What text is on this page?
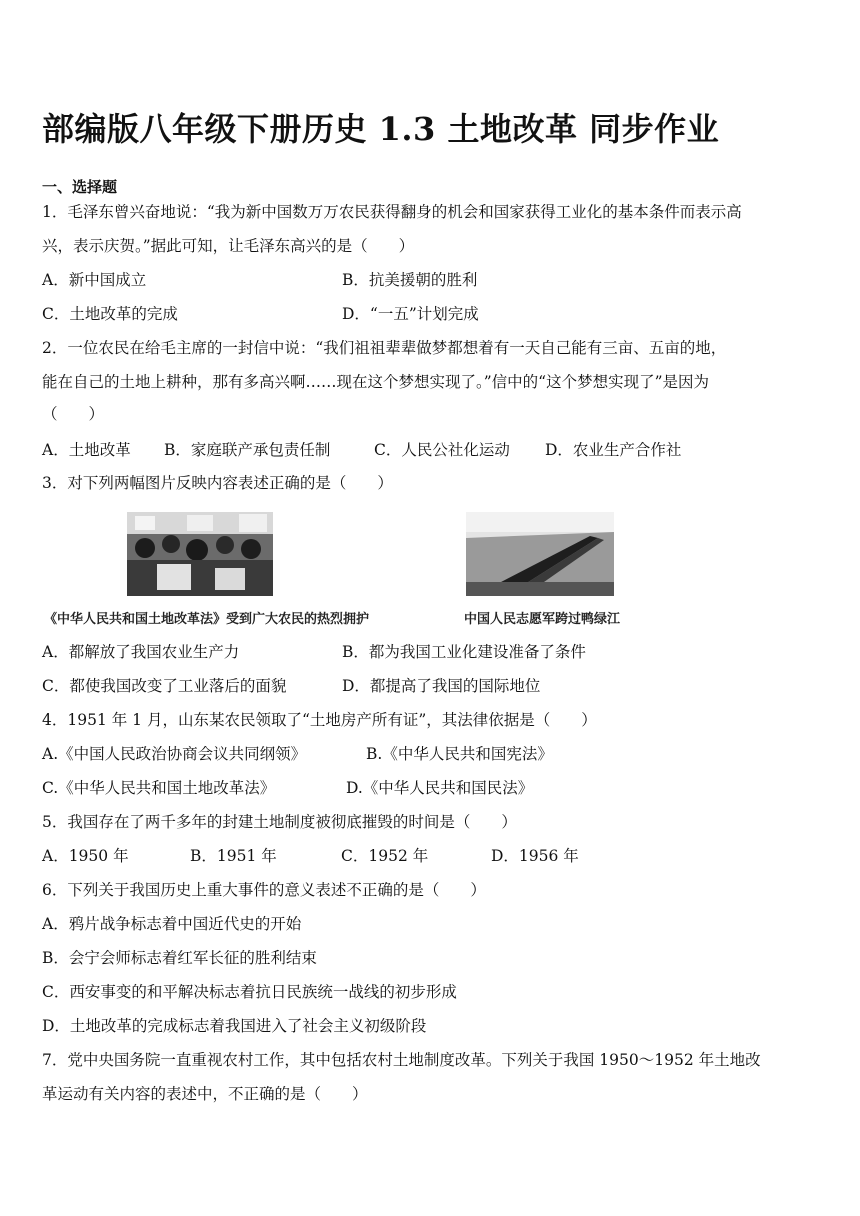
部编版八年级下册历史 1.3 土地改革 同步作业
一、选择题
1．毛泽东曾兴奋地说：“我为新中国数万万农民获得翻身的机会和国家获得工业化的基本条件而表示高
兴，表示庆贺。”据此可知，让毛泽东高兴的是（　　）
A．新中国成立	B．抗美援朝的胜利
C．土地改革的完成	D．“一五”计划完成
2．一位农民在给毛主席的一封信中说：“我们祖祖辈辈做梦都想着有一天自己能有三亩、五亩的地，
能在自己的土地上耕种，那有多高兴啊……现在这个梦想实现了。”信中的“这个梦想实现了”是因为
（　　）
A．土地改革 B．家庭联产承包责任制	C．人民公社化运动 D．农业生产合作社
3．对下列两幅图片反映内容表述正确的是（　　）
《中华人民共和国土地改革法》受到广大农民的热烈拥护	中国人民志愿军跨过鸭绿江
A．都解放了我国农业生产力	B．都为我国工业化建设准备了条件
C．都使我国改变了工业落后的面貌	D．都提高了我国的国际地位
4．1951 年 1 月，山东某农民领取了“土地房产所有证”，其法律依据是（　　）
A.《中国人民政治协商会议共同纲领》	B.《中华人民共和国宪法》
C.《中华人民共和国土地改革法》	D.《中华人民共和国民法》
5．我国存在了两千多年的封建土地制度被彻底摧毁的时间是（　　）
A．1950 年	B．1951 年	C．1952 年	D．1956 年
6．下列关于我国历史上重大事件的意义表述不正确的是（　　）
A．鸦片战争标志着中国近代史的开始
B．会宁会师标志着红军长征的胜利结束
C．西安事变的和平解决标志着抗日民族统一战线的初步形成
D．土地改革的完成标志着我国进入了社会主义初级阶段
7．党中央国务院一直重视农村工作，其中包括农村土地制度改革。下列关于我国 1950～1952 年土地改
革运动有关内容的表述中，不正确的是（　　）
